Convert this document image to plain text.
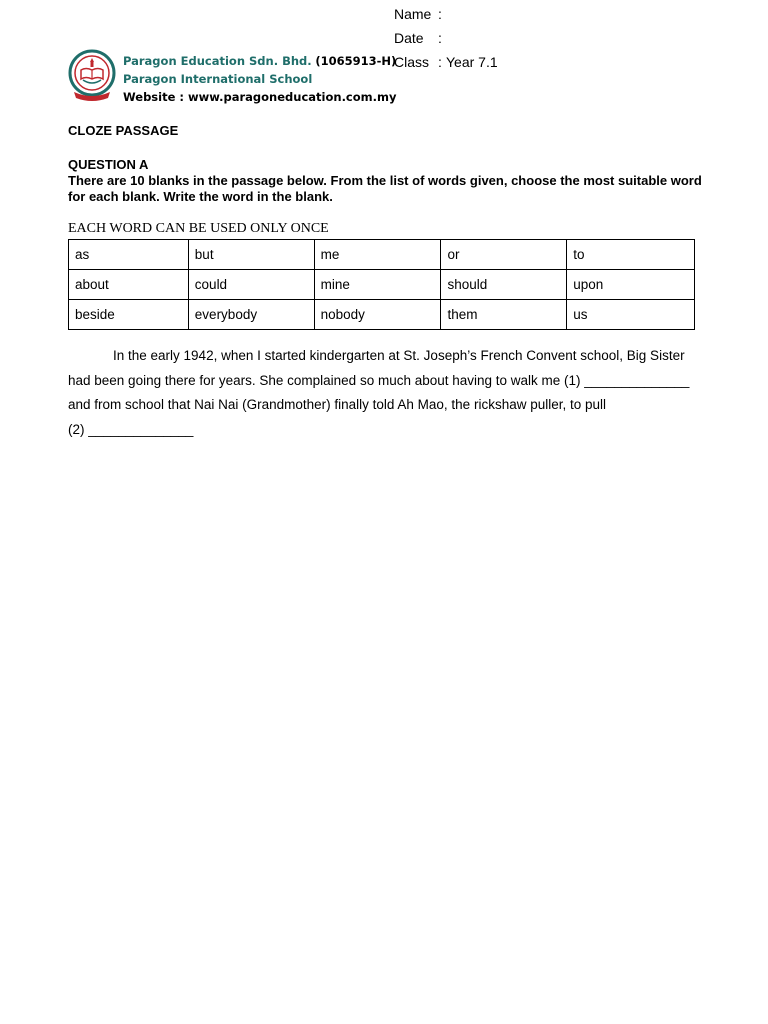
Paragon Education Sdn. Bhd. (1065913-H)
Paragon International School
Website : www.paragoneducation.com.my
Name :
Date :
Class : Year 7.1
CLOZE PASSAGE
QUESTION A
There are 10 blanks in the passage below. From the list of words given, choose the most suitable word for each blank. Write the word in the blank.
EACH WORD CAN BE USED ONLY ONCE
as	but	me	or	to
about	could	mine	should	upon
beside	everybody	nobody	them	us
In the early 1942, when I started kindergarten at St. Joseph’s French Convent school, Big Sister
had been going there for years. She complained so much about having to walk me (1) ______________
and from school that Nai Nai (Grandmother) finally told Ah Mao, the rickshaw puller, to pull
(2) ______________
